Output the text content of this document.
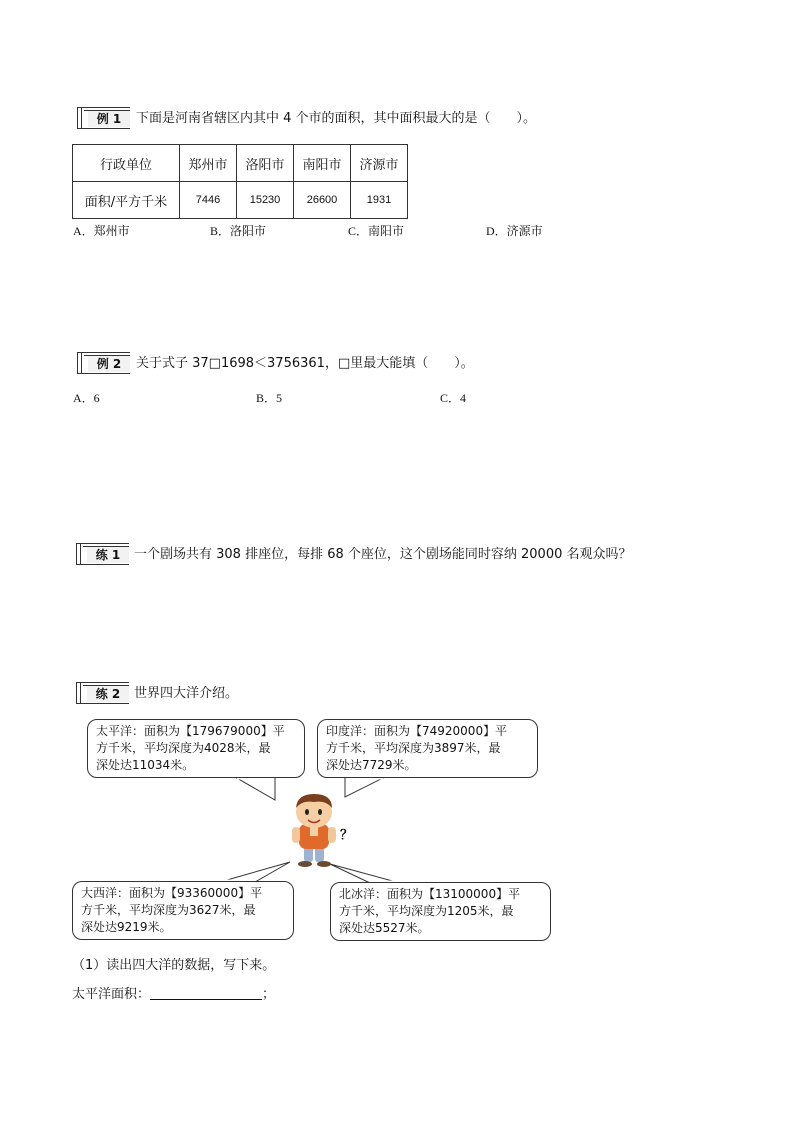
例 1	下面是河南省辖区内其中 4 个市的面积，其中面积最大的是（　　）。
行政单位	郑州市	洛阳市	南阳市	济源市
面积/平方千米	7446	15230	26600	1931
A．郑州市	B．洛阳市	C．南阳市	D．济源市
例 2	关于式子 37□1698＜3756361，□里最大能填（　　）。
A．6	B．5	C．4
练 1	一个剧场共有 308 排座位，每排 68 个座位，这个剧场能同时容纳 20000 名观众吗？
练 2	世界四大洋介绍。
？
太平洋：面积为【179679000】平
方千米，平均深度为4028米，最
深处达11034米。
印度洋：面积为【74920000】平
方千米，平均深度为3897米，最
深处达7729米。
大西洋：面积为【93360000】平
方千米，平均深度为3627米，最
深处达9219米。
北冰洋：面积为【13100000】平
方千米，平均深度为1205米，最
深处达5527米。
（1）读出四大洋的数据，写下来。
太平洋面积：	；
